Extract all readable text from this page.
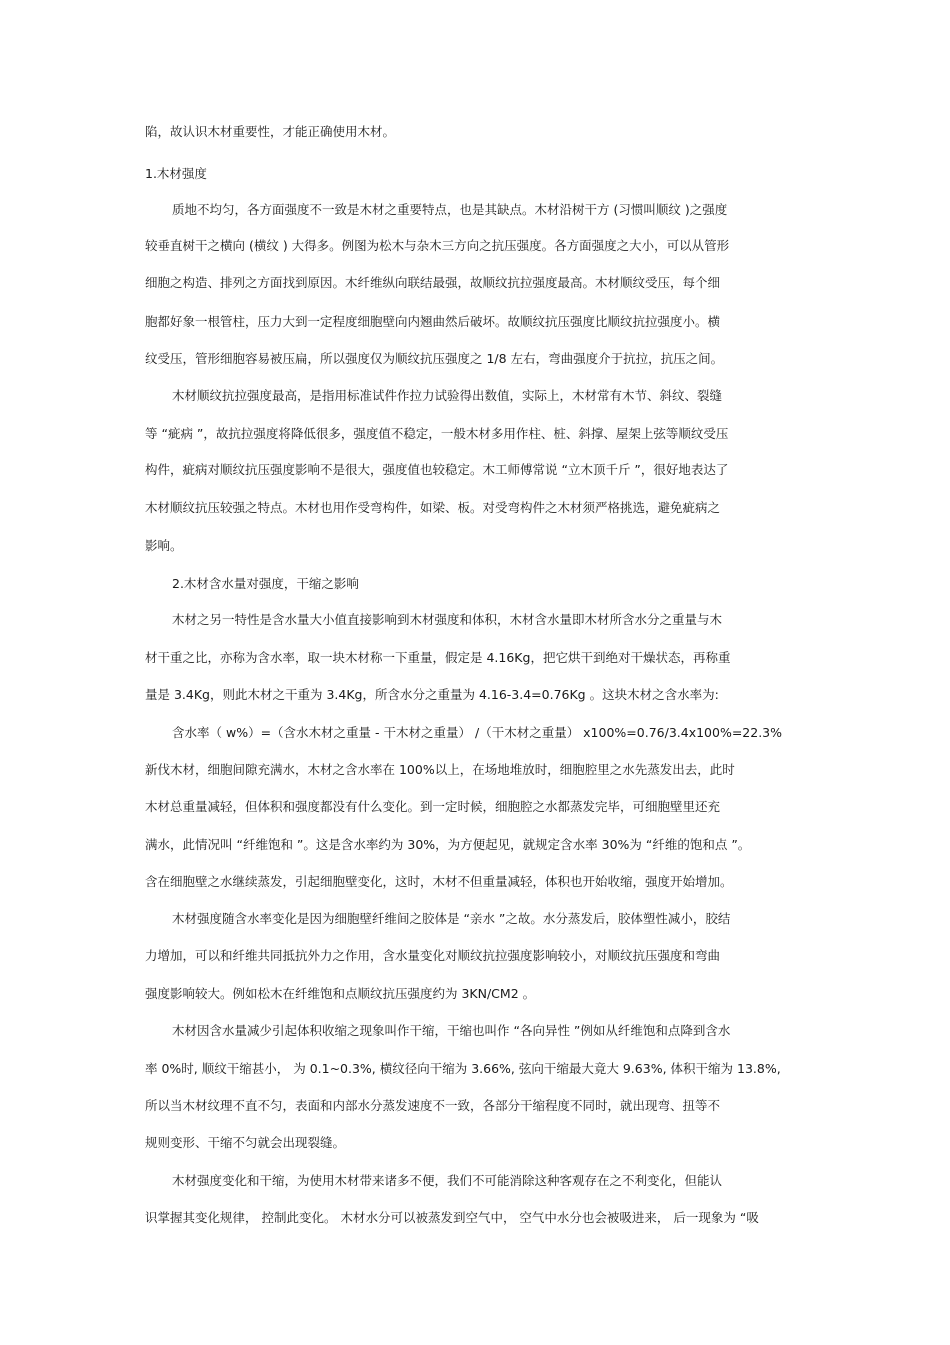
陷，故认识木材重要性，才能正确使用木材。
1.木材强度
质地不均匀，各方面强度不一致是木材之重要特点，也是其缺点。木材沿树干方 (习惯叫顺纹 )之强度
较垂直树干之横向 (横纹 ) 大得多。例图为松木与杂木三方向之抗压强度。各方面强度之大小，可以从管形
细胞之构造、排列之方面找到原因。木纤维纵向联结最强，故顺纹抗拉强度最高。木材顺纹受压，每个细
胞都好象一根管柱，压力大到一定程度细胞壁向内翘曲然后破坏。故顺纹抗压强度比顺纹抗拉强度小。横
纹受压，管形细胞容易被压扁，所以强度仅为顺纹抗压强度之 1/8 左右，弯曲强度介于抗拉，抗压之间。
木材顺纹抗拉强度最高，是指用标准试件作拉力试验得出数值，实际上，木材常有木节、斜纹、裂缝
等 “疵病 ”，故抗拉强度将降低很多，强度值不稳定，一般木材多用作柱、桩、斜撑、屋架上弦等顺纹受压
构件，疵病对顺纹抗压强度影响不是很大，强度值也较稳定。木工师傅常说 “立木顶千斤 ”，很好地表达了
木材顺纹抗压较强之特点。木材也用作受弯构件，如梁、板。对受弯构件之木材须严格挑选，避免疵病之
影响。
2.木材含水量对强度，干缩之影响
木材之另一特性是含水量大小值直接影响到木材强度和体积，木材含水量即木材所含水分之重量与木
材干重之比，亦称为含水率，取一块木材称一下重量，假定是 4.16Kg，把它烘干到绝对干燥状态，再称重
量是 3.4Kg，则此木材之干重为 3.4Kg，所含水分之重量为 4.16-3.4=0.76Kg 。这块木材之含水率为:
含水率（ w%）=（含水木材之重量 - 干木材之重量） /（干木材之重量） x100%=0.76/3.4x100%=22.3%
新伐木材，细胞间隙充满水，木材之含水率在 100%以上，在场地堆放时，细胞腔里之水先蒸发出去，此时
木材总重量减轻，但体积和强度都没有什么变化。到一定时候，细胞腔之水都蒸发完毕，可细胞壁里还充
满水，此情况叫 “纤维饱和 ”。这是含水率约为 30%，为方便起见，就规定含水率 30%为 “纤维的饱和点 ”。
含在细胞壁之水继续蒸发，引起细胞壁变化，这时，木材不但重量减轻，体积也开始收缩，强度开始增加。
木材强度随含水率变化是因为细胞壁纤维间之胶体是 “亲水 ”之故。水分蒸发后，胶体塑性减小，胶结
力增加，可以和纤维共同抵抗外力之作用，含水量变化对顺纹抗拉强度影响较小，对顺纹抗压强度和弯曲
强度影响较大。例如松木在纤维饱和点顺纹抗压强度约为 3KN/CM2 。
木材因含水量减少引起体积收缩之现象叫作干缩，干缩也叫作 “各向异性 ”例如从纤维饱和点降到含水
率 0%时, 顺纹干缩甚小， 为 0.1~0.3%, 横纹径向干缩为 3.66%, 弦向干缩最大竟大 9.63%, 体积干缩为 13.8%,
所以当木材纹理不直不匀，表面和内部水分蒸发速度不一致，各部分干缩程度不同时，就出现弯、扭等不
规则变形、干缩不匀就会出现裂缝。
木材强度变化和干缩，为使用木材带来诸多不便，我们不可能消除这种客观存在之不利变化，但能认
识掌握其变化规律， 控制此变化。 木材水分可以被蒸发到空气中， 空气中水分也会被吸进来， 后一现象为 “吸
